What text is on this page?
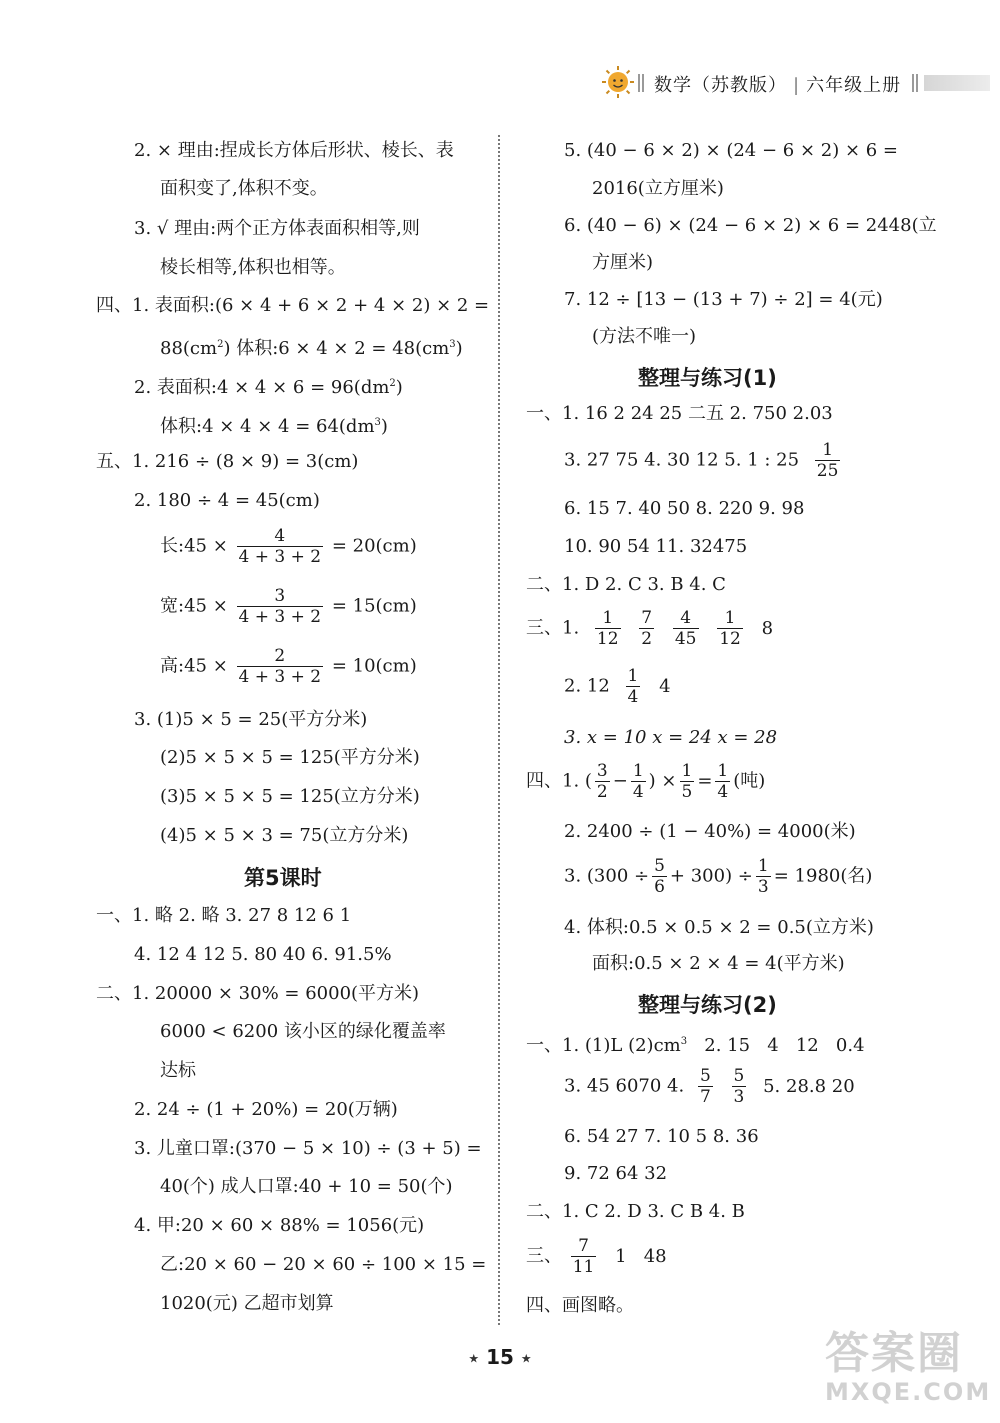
数学（苏教版） | 六年级上册
2. × 理由:捏成长方体后形状、棱长、表
面积变了,体积不变。
3. √ 理由:两个正方体表面积相等,则
棱长相等,体积也相等。
四、1. 表面积:(6 × 4 + 6 × 2 + 4 × 2) × 2 =
$88(cm^2)$ 体积:6 × $4 \times 2 = 48(cm^3)$
2. 表面积:4 × $4 \times 6 = 96(dm^2)$
体积:4 × $4 \times 4 = 64(dm^3)$
五、1. 216 ÷ (8 × 9) = 3(cm)
2. 180 ÷ 4 = 45(cm)
长:45 × $\frac{4}{4 + 3 + 2} = 20(cm)$
宽:45 × $\frac{3}{4 + 3 + 2} = 15(cm)$
高:45 × $\frac{2}{4 + 3 + 2} = 10(cm)$
3. (1)5 × 5 = 25(平方分米)
(2)5 × 5 × 5 = 125(平方分米)
(3)5 × 5 × 5 = 125(立方分米)
(4)5 × 5 × 3 = 75(立方分米)
第5课时
一、1. 略 2. 略 3. 27 8 12 6 1
4. 12 4 12 5. 80 40 6. 91.5%
二、1. 20000 × 30% = 6000(平方米)
6000 < 6200 该小区的绿化覆盖率
达标
2. 24 ÷ (1 + 20%) = 20(万辆)
3. 儿童口罩:(370 − 5 × 10) ÷ (3 + 5) =
40(个) 成人口罩:40 + 10 = 50(个)
4. 甲:20 × 60 × 88% = 1056(元)
乙:20 × 60 − 20 × 60 ÷ 100 × 15 =
1020(元) 乙超市划算
5. (40 − 6 × 2) × (24 − 6 × 2) × 6 =
2016(立方厘米)
6. (40 − 6) × (24 − 6 × 2) × 6 = 2448(立
方厘米)
7. 12 ÷ [13 − (13 + 7) ÷ 2] = 4(元)
(方法不唯一)
整理与练习(1)
一、1. 16 2 24 25 二五 2. 750 2.03
3. 27 75 4. 30 12 5. 1 : $25 \frac{1}{25}$
6. 15 7. 40 50 8. 220 9. 98
10. 90 54 11. 32475
二、1. D 2. C 3. B 4. C
三、1. $\frac{1}{12}$
$\frac{7}{2}$
$\frac{4}{45}$
$\frac{1}{12} 8$
2. $12 \frac{1}{4} 4$
3. x = 10 x = 24 x = 28
四、1. ( $\frac{3}{2} - \frac{1}{4}$ ) × $\frac{1}{5} = \frac{1}{4}$ (吨)
2. 2400 ÷ (1 − 40%) = 4000(米)
3. $(300 \div \frac{5}{6} + 300) \div \frac{1}{3} = 1980$(名)
4. 体积:0.5 × 0.5 × 2 = 0.5(立方米)
面积:0.5 × 2 × 4 = 4(平方米)
整理与练习(2)
一、1. (1)L $(2)cm^3$   2. 15   4   12   0.4
3. 45 6070 4. $\frac{5}{7}$
$\frac{5}{3} 5$. 28.8 20
6. 54 27 7. 10 5 8. 36
9. 72 64 32
二、1. C 2. D 3. C B 4. B
三、 $\frac{7}{11} 1$   48
四、画图略。
★ 15 ★	答案圈
MXQE.COM
